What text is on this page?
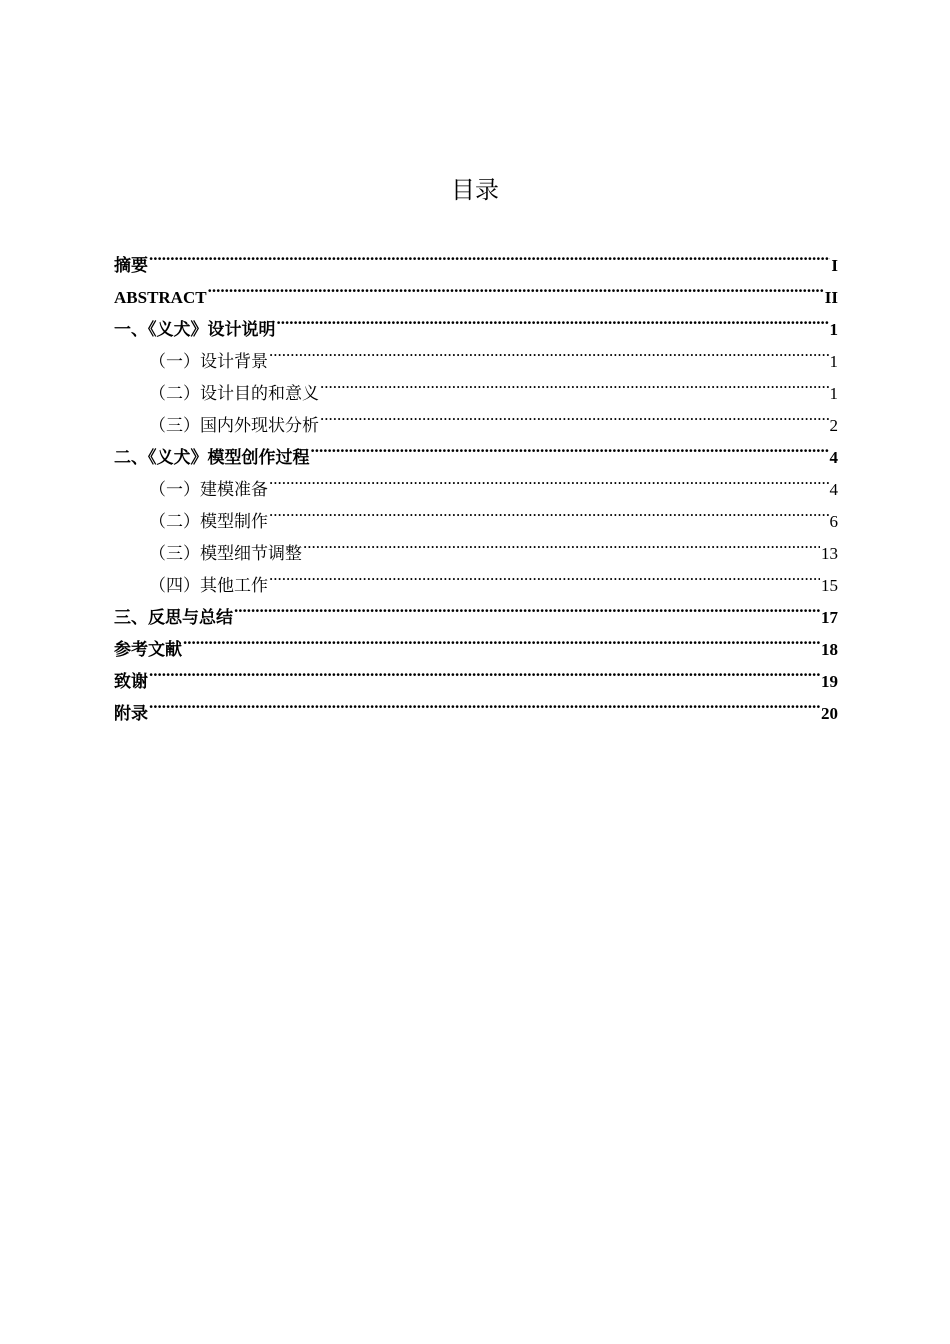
目录
摘要 .....	I
ABSTRACT .....	II
一、《义犬》设计说明 .....	1
（一）设计背景 .....	1
（二）设计目的和意义 .....	1
（三）国内外现状分析 .....	2
二、《义犬》模型创作过程 .....	4
（一）建模准备 .....	4
（二）模型制作 .....	6
（三）模型细节调整 .....	13
（四）其他工作 .....	15
三、反思与总结 .....	17
参考文献 .....	18
致谢 .....	19
附录 .....	20
